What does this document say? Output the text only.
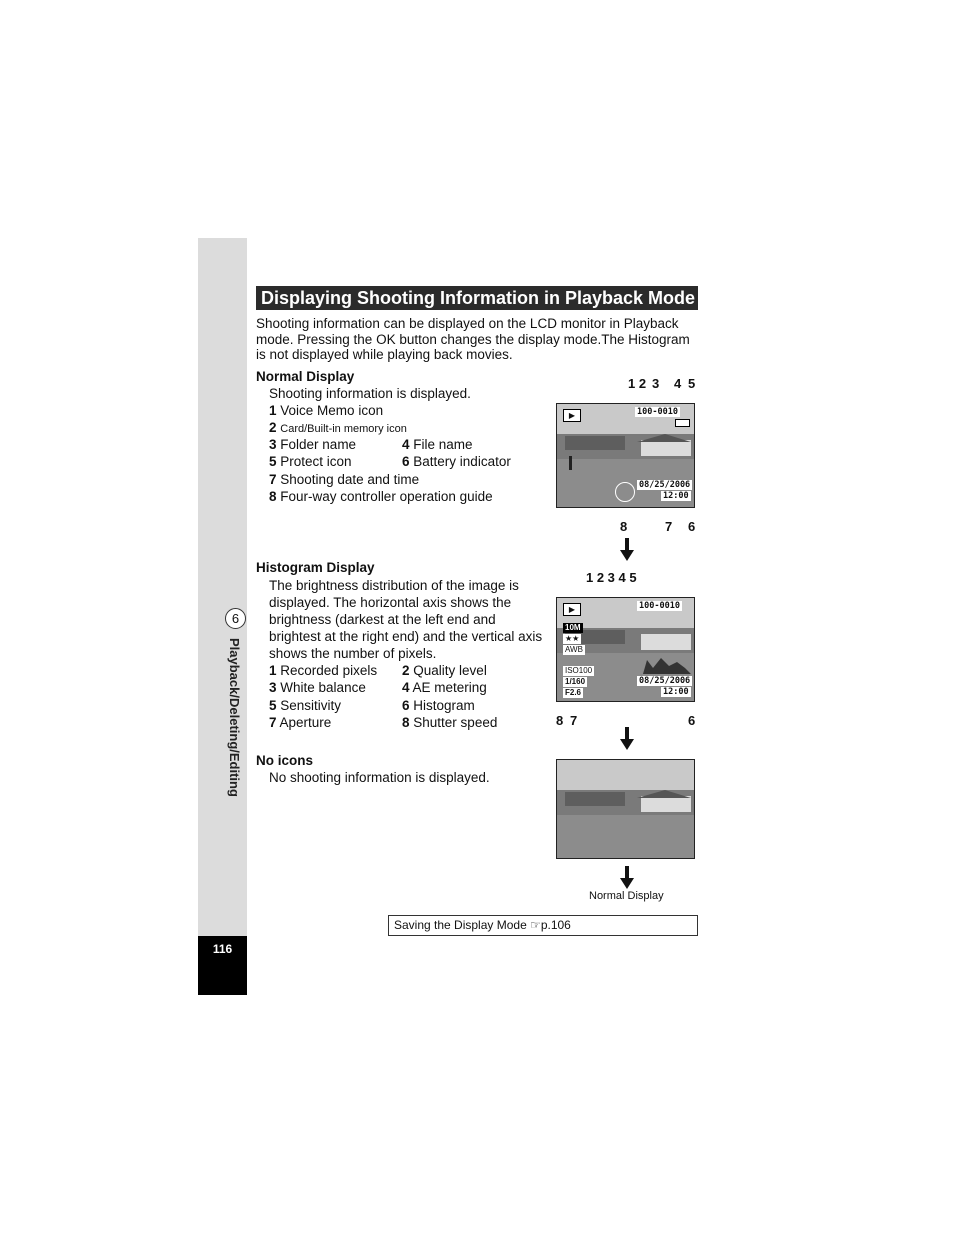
6
Playback/Deleting/Editing
116
Displaying Shooting Information in Playback Mode
Shooting information can be displayed on the LCD monitor in Playback mode. Pressing the OK button changes the display mode.The Histogram is not displayed while playing back movies.
Normal Display
Shooting information is displayed.
1 Voice Memo icon
2 Card/Built-in memory icon
3 Folder name	4 File name
5 Protect icon	6 Battery indicator
7 Shooting date and time
8 Four-way controller operation guide
1 2 3 4 5
8	7 6
▶	100-0010
08/25/2006
12:00
Histogram Display
The brightness distribution of the image is
displayed. The horizontal axis shows the
brightness (darkest at the left end and
brightest at the right end) and the vertical axis
shows the number of pixels.
1 Recorded pixels 2 Quality level
3 White balance	4 AE metering
5 Sensitivity	6 Histogram
7 Aperture	8 Shutter speed
1 2 3 4 5
8 7	6
▶	100-0010
10M
★★
AWB
ISO100
1/160
F2.6
08/25/2006
12:00
No icons
No shooting information is displayed.
Normal Display
Saving the Display Mode ☞p.106
